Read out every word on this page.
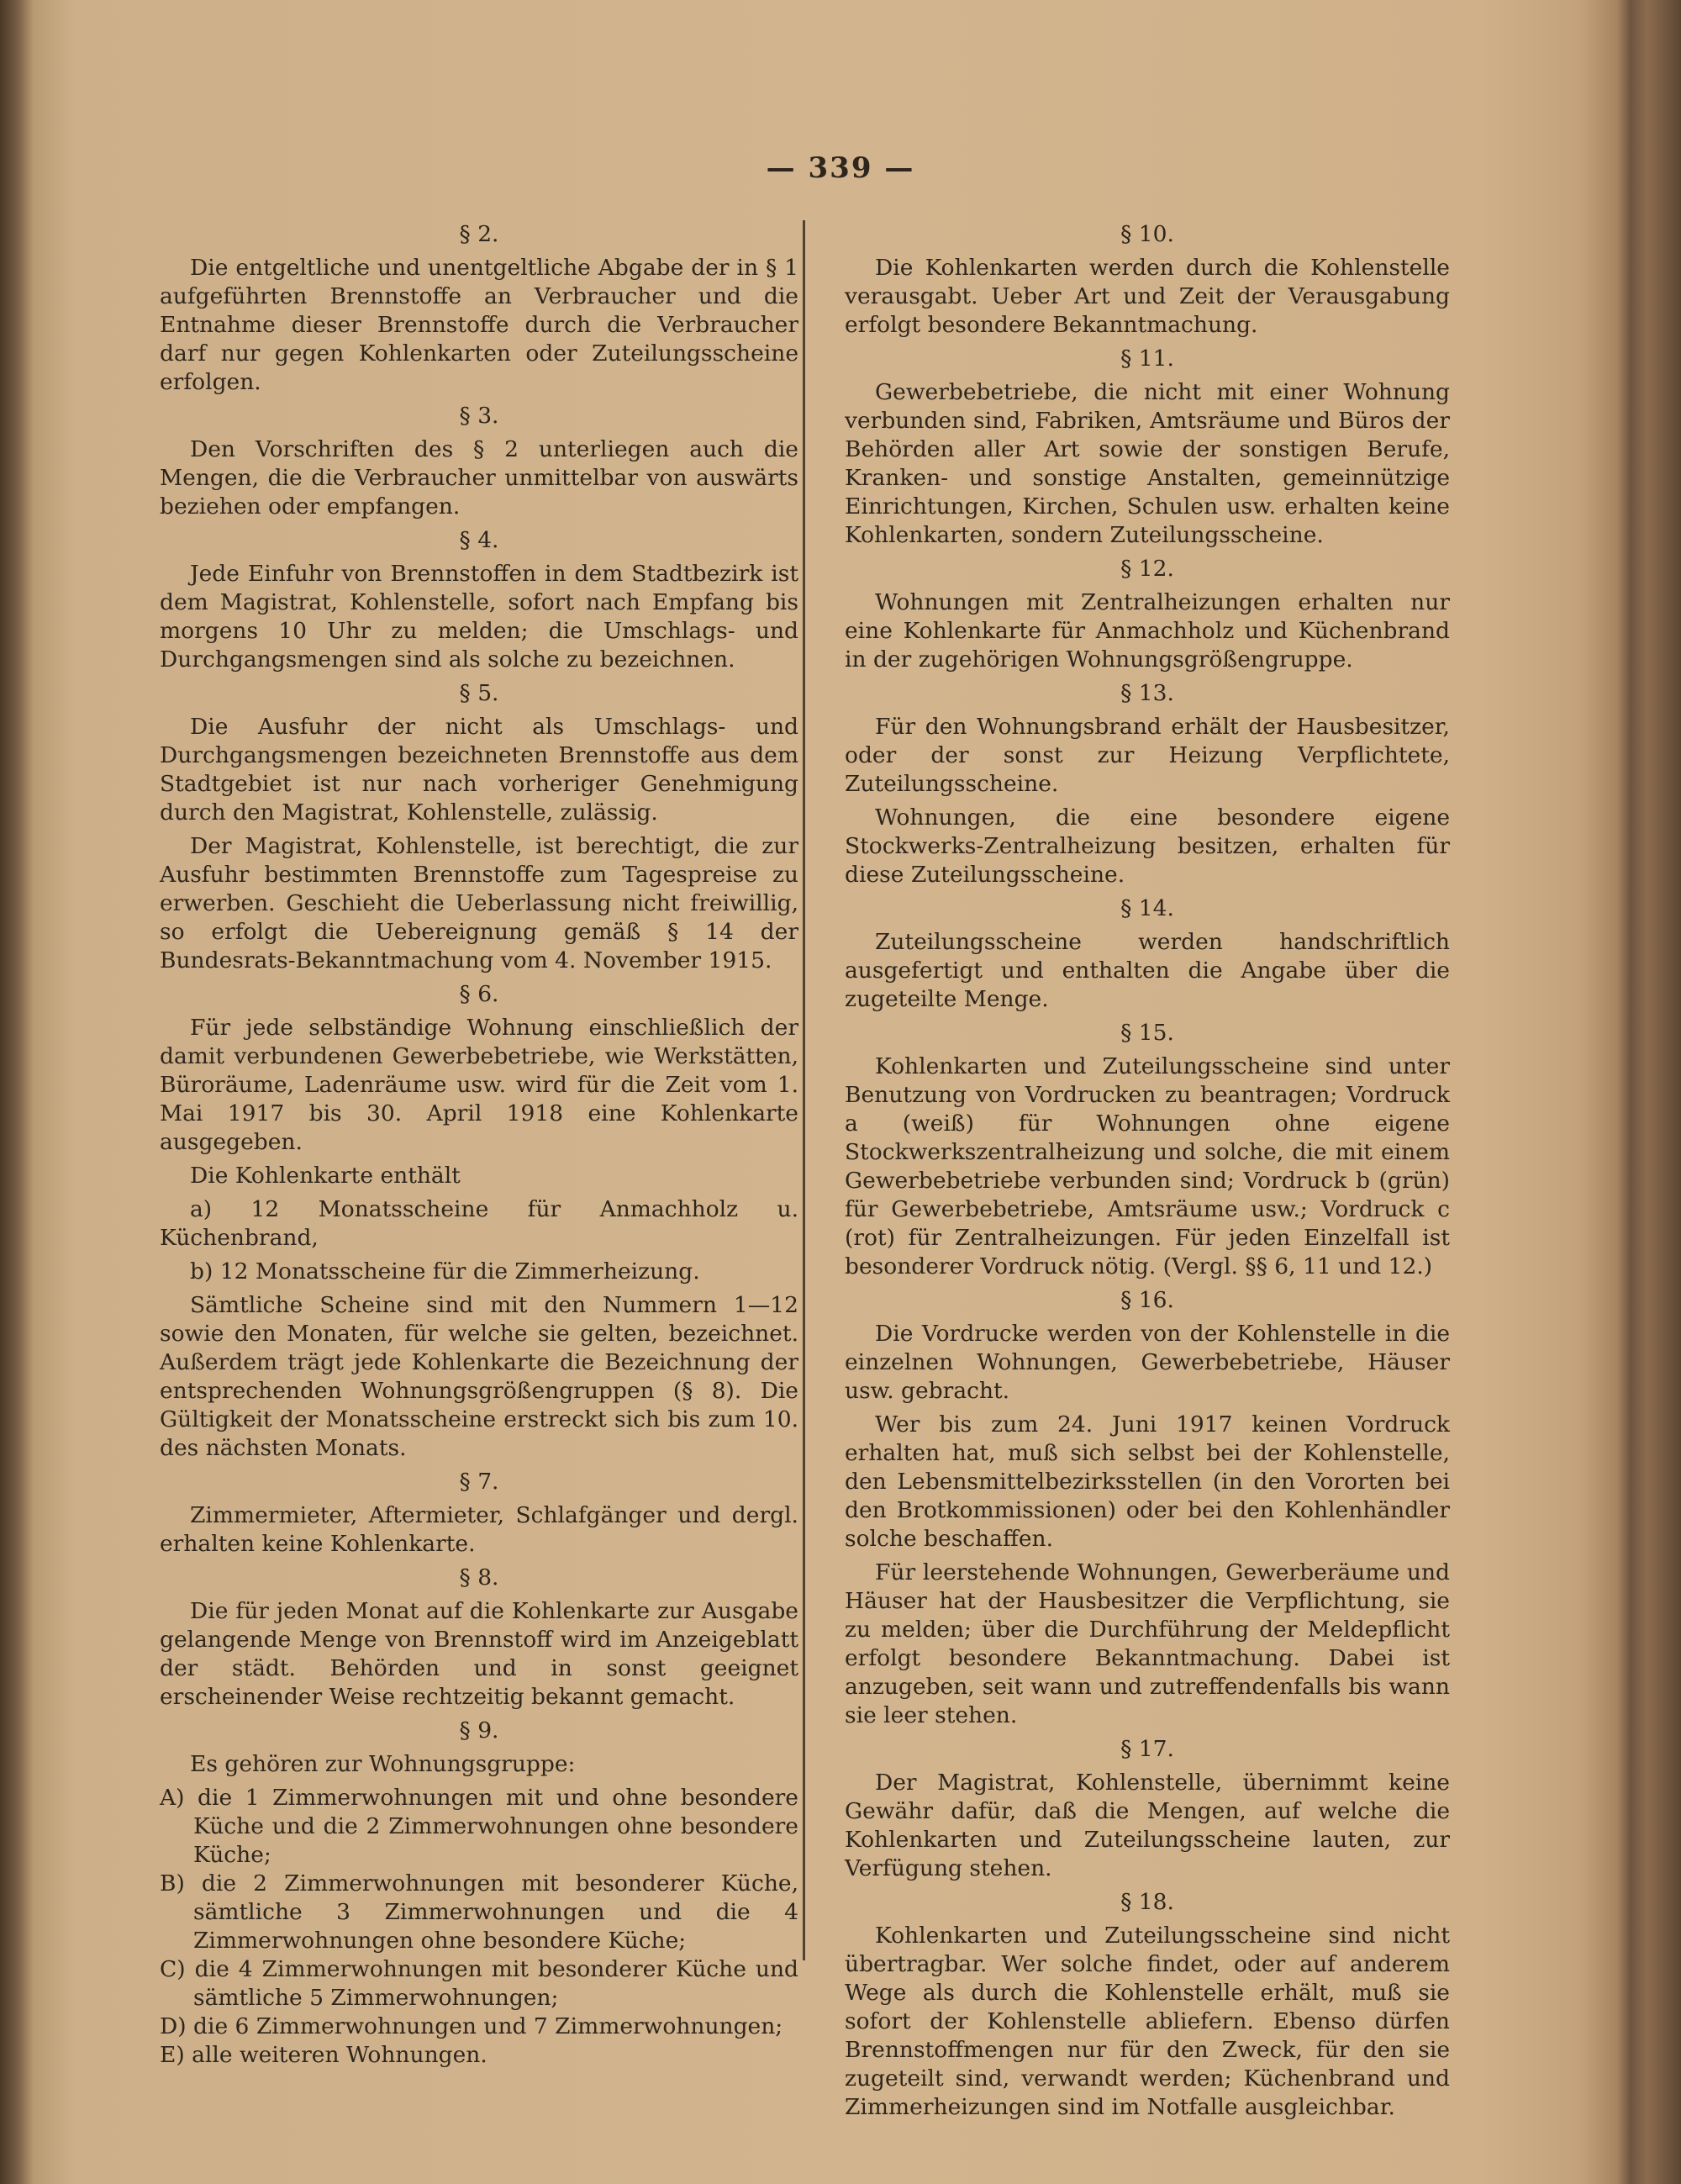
— 339 —
§ 2.
Die entgeltliche und unentgeltliche Abgabe der in § 1 aufgeführten Brennstoffe an Verbraucher und die Entnahme dieser Brennstoffe durch die Verbraucher darf nur gegen Kohlenkarten oder Zuteilungsscheine erfolgen.
§ 3.
Den Vorschriften des § 2 unterliegen auch die Mengen, die die Verbraucher unmittelbar von auswärts beziehen oder empfangen.
§ 4.
Jede Einfuhr von Brennstoffen in dem Stadtbezirk ist dem Magistrat, Kohlenstelle, sofort nach Empfang bis morgens 10 Uhr zu melden; die Umschlags- und Durchgangsmengen sind als solche zu bezeichnen.
§ 5.
Die Ausfuhr der nicht als Umschlags- und Durchgangsmengen bezeichneten Brennstoffe aus dem Stadtgebiet ist nur nach vorheriger Genehmigung durch den Magistrat, Kohlenstelle, zulässig.
Der Magistrat, Kohlenstelle, ist berechtigt, die zur Ausfuhr bestimmten Brennstoffe zum Tagespreise zu erwerben. Geschieht die Ueberlassung nicht freiwillig, so erfolgt die Uebereignung gemäß § 14 der Bundesrats-Bekanntmachung vom 4. November 1915.
§ 6.
Für jede selbständige Wohnung einschließlich der damit verbundenen Gewerbebetriebe, wie Werkstätten, Büroräume, Ladenräume usw. wird für die Zeit vom 1. Mai 1917 bis 30. April 1918 eine Kohlenkarte ausgegeben.
Die Kohlenkarte enthält
a) 12 Monatsscheine für Anmachholz u. Küchenbrand,
b) 12 Monatsscheine für die Zimmerheizung.
Sämtliche Scheine sind mit den Nummern 1—12 sowie den Monaten, für welche sie gelten, bezeichnet. Außerdem trägt jede Kohlenkarte die Bezeichnung der entsprechenden Wohnungsgrößengruppen (§ 8). Die Gültigkeit der Monatsscheine erstreckt sich bis zum 10. des nächsten Monats.
§ 7.
Zimmermieter, Aftermieter, Schlafgänger und dergl. erhalten keine Kohlenkarte.
§ 8.
Die für jeden Monat auf die Kohlenkarte zur Ausgabe gelangende Menge von Brennstoff wird im Anzeigeblatt der städt. Behörden und in sonst geeignet erscheinender Weise rechtzeitig bekannt gemacht.
§ 9.
Es gehören zur Wohnungsgruppe:
A) die 1 Zimmerwohnungen mit und ohne besondere Küche und die 2 Zimmerwohnungen ohne besondere Küche;
B) die 2 Zimmerwohnungen mit besonderer Küche, sämtliche 3 Zimmerwohnungen und die 4 Zimmerwohnungen ohne besondere Küche;
C) die 4 Zimmerwohnungen mit besonderer Küche und sämtliche 5 Zimmerwohnungen;
D) die 6 Zimmerwohnungen und 7 Zimmerwohnungen;
E) alle weiteren Wohnungen.
§ 10.
Die Kohlenkarten werden durch die Kohlenstelle verausgabt. Ueber Art und Zeit der Verausgabung erfolgt besondere Bekanntmachung.
§ 11.
Gewerbebetriebe, die nicht mit einer Wohnung verbunden sind, Fabriken, Amtsräume und Büros der Behörden aller Art sowie der sonstigen Berufe, Kranken- und sonstige Anstalten, gemeinnützige Einrichtungen, Kirchen, Schulen usw. erhalten keine Kohlenkarten, sondern Zuteilungsscheine.
§ 12.
Wohnungen mit Zentralheizungen erhalten nur eine Kohlenkarte für Anmachholz und Küchenbrand in der zugehörigen Wohnungsgrößengruppe.
§ 13.
Für den Wohnungsbrand erhält der Hausbesitzer, oder der sonst zur Heizung Verpflichtete, Zuteilungsscheine.
Wohnungen, die eine besondere eigene Stockwerks-Zentralheizung besitzen, erhalten für diese Zuteilungsscheine.
§ 14.
Zuteilungsscheine werden handschriftlich ausgefertigt und enthalten die Angabe über die zugeteilte Menge.
§ 15.
Kohlenkarten und Zuteilungsscheine sind unter Benutzung von Vordrucken zu beantragen; Vordruck a (weiß) für Wohnungen ohne eigene Stockwerkszentralheizung und solche, die mit einem Gewerbebetriebe verbunden sind; Vordruck b (grün) für Gewerbebetriebe, Amtsräume usw.; Vordruck c (rot) für Zentralheizungen. Für jeden Einzelfall ist besonderer Vordruck nötig. (Vergl. §§ 6, 11 und 12.)
§ 16.
Die Vordrucke werden von der Kohlenstelle in die einzelnen Wohnungen, Gewerbebetriebe, Häuser usw. gebracht.
Wer bis zum 24. Juni 1917 keinen Vordruck erhalten hat, muß sich selbst bei der Kohlenstelle, den Lebensmittelbezirksstellen (in den Vororten bei den Brotkommissionen) oder bei den Kohlenhändler solche beschaffen.
Für leerstehende Wohnungen, Gewerberäume und Häuser hat der Hausbesitzer die Verpflichtung, sie zu melden; über die Durchführung der Meldepflicht erfolgt besondere Bekanntmachung. Dabei ist anzugeben, seit wann und zutreffendenfalls bis wann sie leer stehen.
§ 17.
Der Magistrat, Kohlenstelle, übernimmt keine Gewähr dafür, daß die Mengen, auf welche die Kohlenkarten und Zuteilungsscheine lauten, zur Verfügung stehen.
§ 18.
Kohlenkarten und Zuteilungsscheine sind nicht übertragbar. Wer solche findet, oder auf anderem Wege als durch die Kohlenstelle erhält, muß sie sofort der Kohlenstelle abliefern. Ebenso dürfen Brennstoffmengen nur für den Zweck, für den sie zugeteilt sind, verwandt werden; Küchenbrand und Zimmerheizungen sind im Notfalle ausgleichbar.
